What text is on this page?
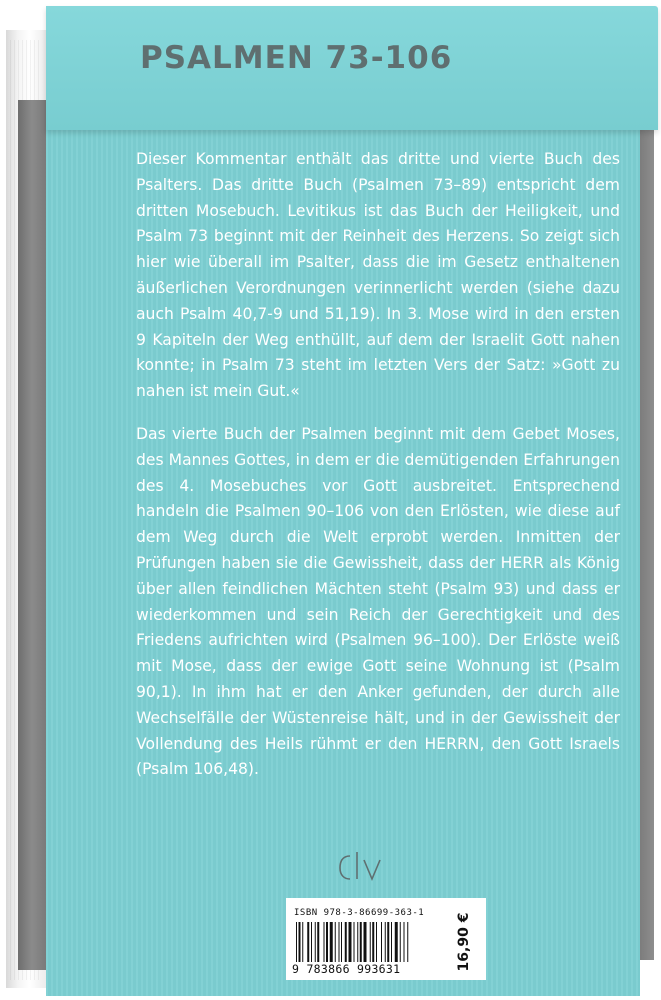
PSALMEN 73-106

Dieser Kommentar enthält das dritte und vierte Buch des Psalters. Das dritte Buch (Psalmen 73–89) entspricht dem dritten Mosebuch. Levitikus ist das Buch der Heiligkeit, und Psalm 73 beginnt mit der Reinheit des Herzens. So zeigt sich hier wie überall im Psalter, dass die im Gesetz enthaltenen äußerlichen Verordnungen verinnerlicht werden (siehe dazu auch Psalm 40,7-9 und 51,19). In 3. Mose wird in den ersten 9 Kapiteln der Weg enthüllt, auf dem der Israelit Gott nahen konnte; in Psalm 73 steht im letzten Vers der Satz: »Gott zu nahen ist mein Gut.«

Das vierte Buch der Psalmen beginnt mit dem Gebet Moses, des Mannes Gottes, in dem er die demütigenden Erfahrungen des 4. Mosebuches vor Gott ausbreitet. Entsprechend handeln die Psalmen 90–106 von den Erlösten, wie diese auf dem Weg durch die Welt erprobt werden. Inmitten der Prüfungen haben sie die Gewissheit, dass der HERR als König über allen feindlichen Mächten steht (Psalm 93) und dass er wiederkommen und sein Reich der Gerechtigkeit und des Friedens aufrichten wird (Psalmen 96–100). Der Erlöste weiß mit Mose, dass der ewige Gott seine Wohnung ist (Psalm 90,1). In ihm hat er den Anker gefunden, der durch alle Wechselfälle der Wüstenreise hält, und in der Gewissheit der Vollendung des Heils rühmt er den HERRN, den Gott Israels (Psalm 106,48).

ISBN 978-3-86699-363-1
9 783866 993631	16,90 €
